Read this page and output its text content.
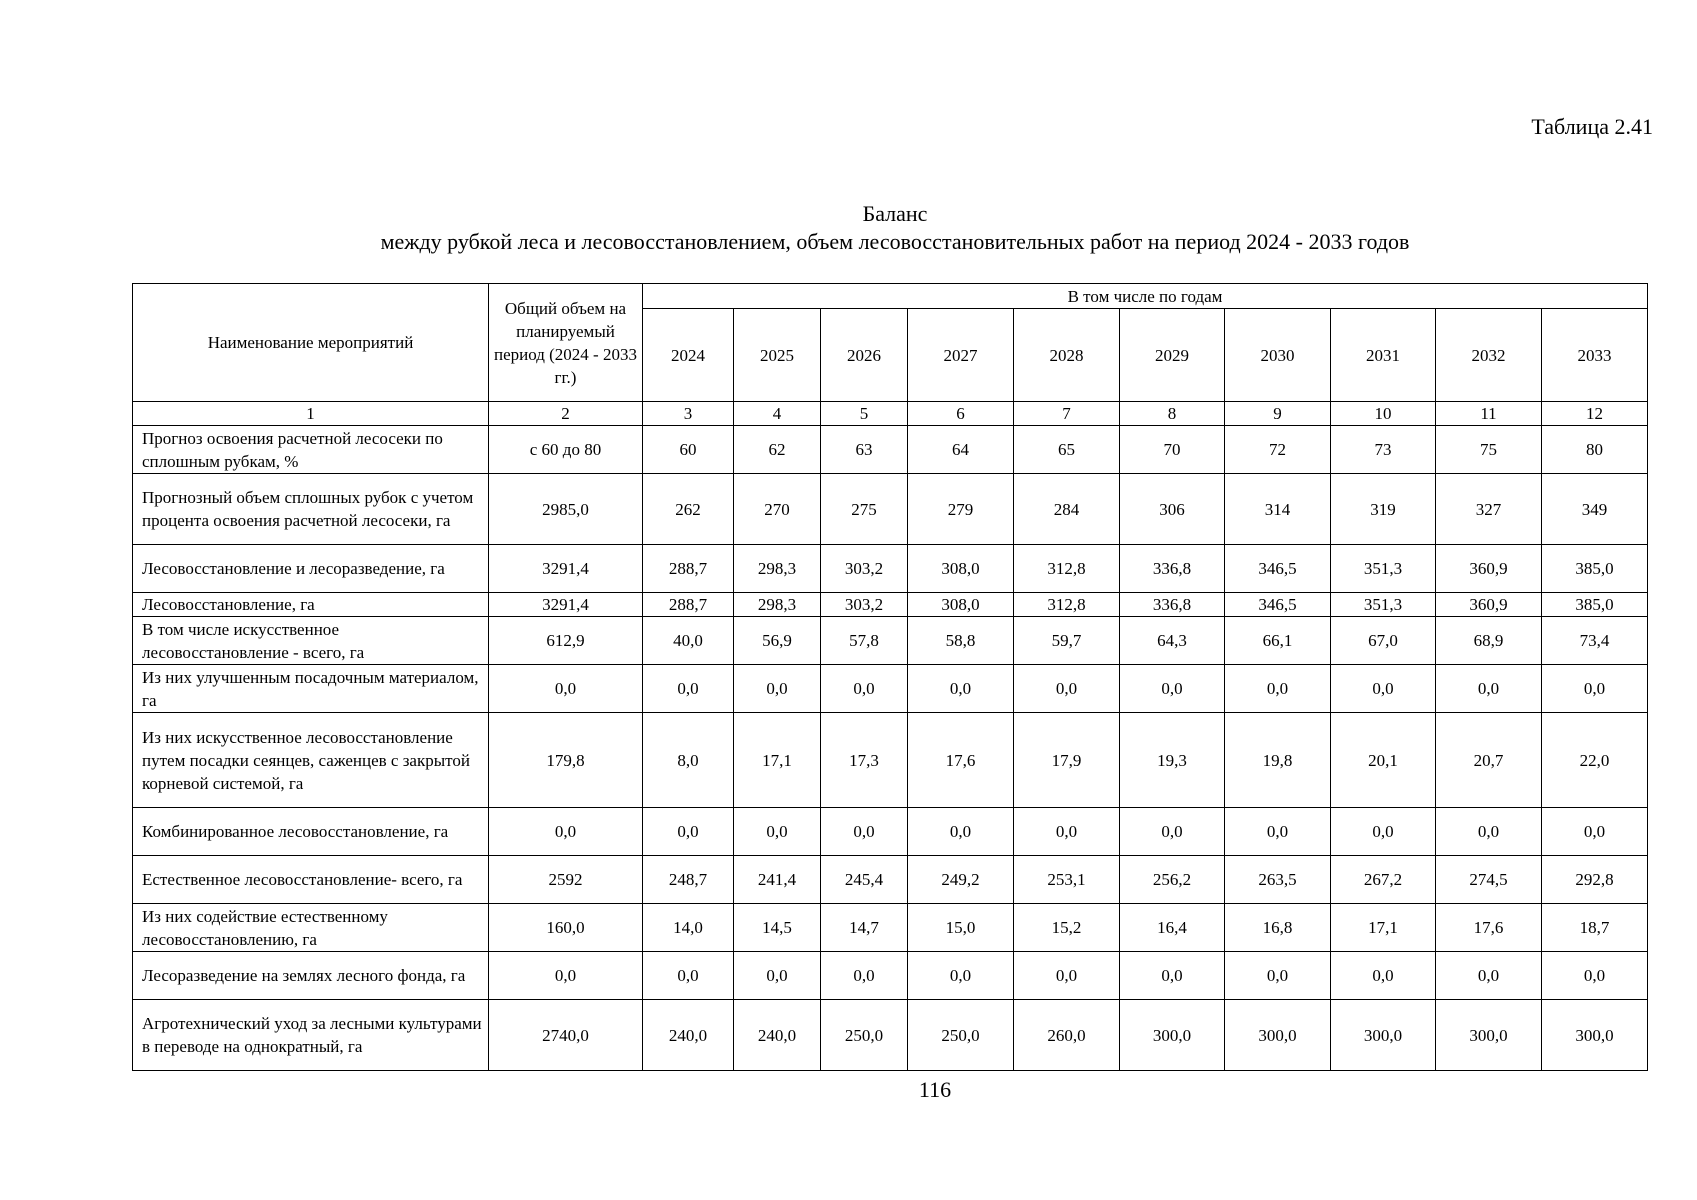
Таблица 2.41
Баланс
между рубкой леса и лесовосстановлением, объем лесовосстановительных работ на период 2024 - 2033 годов
Наименование мероприятий	Общий объем на планируемый период (2024 - 2033 гг.)	В том числе по годам									
		2024	2025	2026	2027	2028	2029	2030	2031	2032	2033
1	2	3	4	5	6	7	8	9	10	11	12
Прогноз освоения расчетной лесосеки по сплошным рубкам, %	с 60 до 80	60	62	63	64	65	70	72	73	75	80
Прогнозный объем сплошных рубок с учетом процента освоения расчетной лесосеки, га	2985,0	262	270	275	279	284	306	314	319	327	349
Лесовосстановление и лесоразведение, га	3291,4	288,7	298,3	303,2	308,0	312,8	336,8	346,5	351,3	360,9	385,0
Лесовосстановление, га	3291,4	288,7	298,3	303,2	308,0	312,8	336,8	346,5	351,3	360,9	385,0
В том числе искусственное лесовосстановление - всего, га	612,9	40,0	56,9	57,8	58,8	59,7	64,3	66,1	67,0	68,9	73,4
Из них улучшенным посадочным материалом, га	0,0	0,0	0,0	0,0	0,0	0,0	0,0	0,0	0,0	0,0	0,0
Из них искусственное лесовосстановление путем посадки сеянцев, саженцев с закрытой корневой системой, га	179,8	8,0	17,1	17,3	17,6	17,9	19,3	19,8	20,1	20,7	22,0
Комбинированное лесовосстановление, га	0,0	0,0	0,0	0,0	0,0	0,0	0,0	0,0	0,0	0,0	0,0
Естественное лесовосстановление- всего, га	2592	248,7	241,4	245,4	249,2	253,1	256,2	263,5	267,2	274,5	292,8
Из них содействие естественному лесовосстановлению, га	160,0	14,0	14,5	14,7	15,0	15,2	16,4	16,8	17,1	17,6	18,7
Лесоразведение на землях лесного фонда, га	0,0	0,0	0,0	0,0	0,0	0,0	0,0	0,0	0,0	0,0	0,0
Агротехнический уход за лесными культурами в переводе на однократный, га	2740,0	240,0	240,0	250,0	250,0	260,0	300,0	300,0	300,0	300,0	300,0
116
